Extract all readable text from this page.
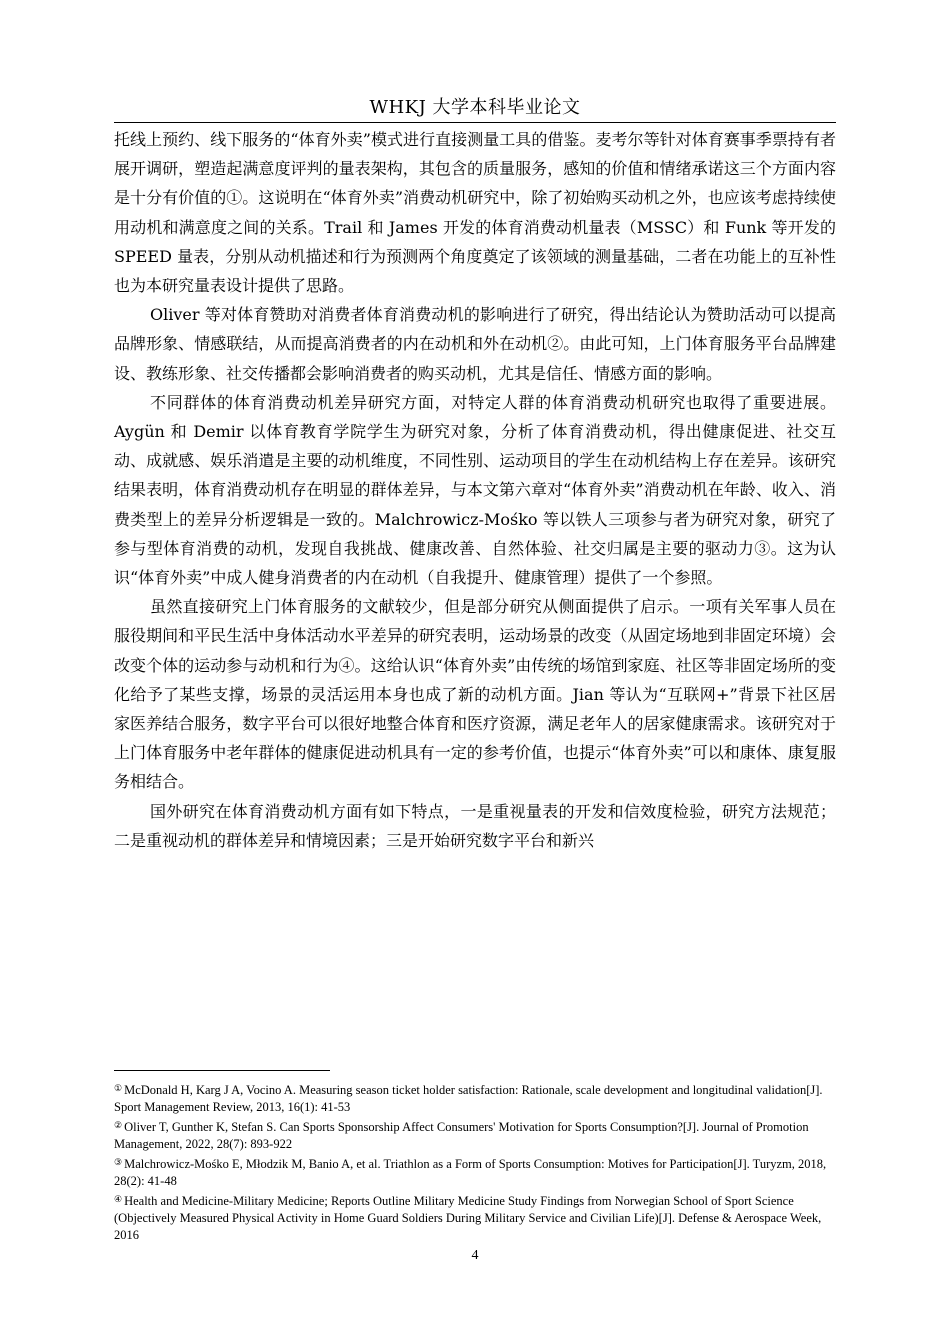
WHKJ 大学本科毕业论文

托线上预约、线下服务的“体育外卖”模式进行直接测量工具的借鉴。麦考尔等针对体育赛事季票持有者展开调研，塑造起满意度评判的量表架构，其包含的质量服务，感知的价值和情绪承诺这三个方面内容是十分有价值的①。这说明在“体育外卖”消费动机研究中，除了初始购买动机之外，也应该考虑持续使用动机和满意度之间的关系。Trail 和 James 开发的体育消费动机量表（MSSC）和 Funk 等开发的 SPEED 量表，分别从动机描述和行为预测两个角度奠定了该领域的测量基础，二者在功能上的互补性也为本研究量表设计提供了思路。

Oliver 等对体育赞助对消费者体育消费动机的影响进行了研究，得出结论认为赞助活动可以提高品牌形象、情感联结，从而提高消费者的内在动机和外在动机②。由此可知，上门体育服务平台品牌建设、教练形象、社交传播都会影响消费者的购买动机，尤其是信任、情感方面的影响。

不同群体的体育消费动机差异研究方面，对特定人群的体育消费动机研究也取得了重要进展。Aygün 和 Demir 以体育教育学院学生为研究对象，分析了体育消费动机，得出健康促进、社交互动、成就感、娱乐消遣是主要的动机维度，不同性别、运动项目的学生在动机结构上存在差异。该研究结果表明，体育消费动机存在明显的群体差异，与本文第六章对“体育外卖”消费动机在年龄、收入、消费类型上的差异分析逻辑是一致的。Malchrowicz-Mośko 等以铁人三项参与者为研究对象，研究了参与型体育消费的动机，发现自我挑战、健康改善、自然体验、社交归属是主要的驱动力③。这为认识“体育外卖”中成人健身消费者的内在动机（自我提升、健康管理）提供了一个参照。

虽然直接研究上门体育服务的文献较少，但是部分研究从侧面提供了启示。一项有关军事人员在服役期间和平民生活中身体活动水平差异的研究表明，运动场景的改变（从固定场地到非固定环境）会改变个体的运动参与动机和行为④。这给认识“体育外卖”由传统的场馆到家庭、社区等非固定场所的变化给予了某些支撑，场景的灵活运用本身也成了新的动机方面。Jian 等认为“互联网+”背景下社区居家医养结合服务，数字平台可以很好地整合体育和医疗资源，满足老年人的居家健康需求。该研究对于上门体育服务中老年群体的健康促进动机具有一定的参考价值，也提示“体育外卖”可以和康体、康复服务相结合。

国外研究在体育消费动机方面有如下特点，一是重视量表的开发和信效度检验，研究方法规范；二是重视动机的群体差异和情境因素；三是开始研究数字平台和新兴

① McDonald H, Karg J A, Vocino A. Measuring season ticket holder satisfaction: Rationale, scale development and longitudinal validation[J]. Sport Management Review, 2013, 16(1): 41-53

② Oliver T, Gunther K, Stefan S. Can Sports Sponsorship Affect Consumers' Motivation for Sports Consumption?[J]. Journal of Promotion Management, 2022, 28(7): 893-922

③ Malchrowicz-Mośko E, Młodzik M, Banio A, et al. Triathlon as a Form of Sports Consumption: Motives for Participation[J]. Turyzm, 2018, 28(2): 41-48

④ Health and Medicine-Military Medicine; Reports Outline Military Medicine Study Findings from Norwegian School of Sport Science (Objectively Measured Physical Activity in Home Guard Soldiers During Military Service and Civilian Life)[J]. Defense & Aerospace Week, 2016

4
